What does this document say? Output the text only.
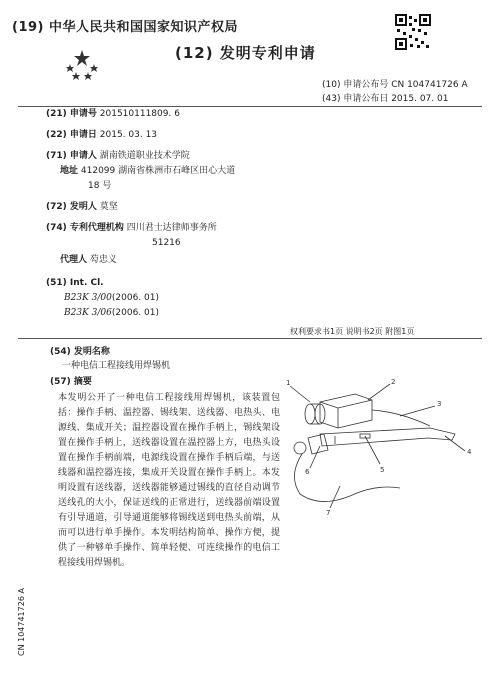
(19) 中华人民共和国国家知识产权局
(12) 发明专利申请
(10) 申请公布号 CN 104741726 A
(43) 申请公布日 2015. 07. 01
(21) 申请号 201510111809. 6
(22) 申请日 2015. 03. 13
(71) 申请人 湖南铁道职业技术学院
地址 412099 湖南省株洲市石峰区田心大道
18 号
(72) 发明人 莫坚
(74) 专利代理机构 四川君士达律师事务所
51216
代理人 芶忠义
(51) Int. Cl.
B23K 3/00(2006. 01)
B23K 3/06(2006. 01)
权利要求书1页 说明书2页 附图1页
(54) 发明名称
一种电信工程接线用焊锡机
(57) 摘要
本发明公开了一种电信工程接线用焊锡机，该装置包括：操作手柄、温控器、锡线架、送线器、电热头、电源线、集成开关；温控器设置在操作手柄上，锡线架设置在操作手柄上，送线器设置在温控器上方，电热头设置在操作手柄前端，电源线设置在操作手柄后端，与送线器和温控器连接，集成开关设置在操作手柄上。本发明设置有送线器，送线器能够通过锡线的直径自动调节送线孔的大小，保证送线的正常进行，送线器前端设置有引导通道，引导通道能够将锡线送到电热头前端，从而可以进行单手操作。本发明结构简单、操作方便，提供了一种够单手操作、简单轻便、可连续操作的电信工程接线用焊锡机。
1	2
3
4
5
6
7
CN 104741726 A
